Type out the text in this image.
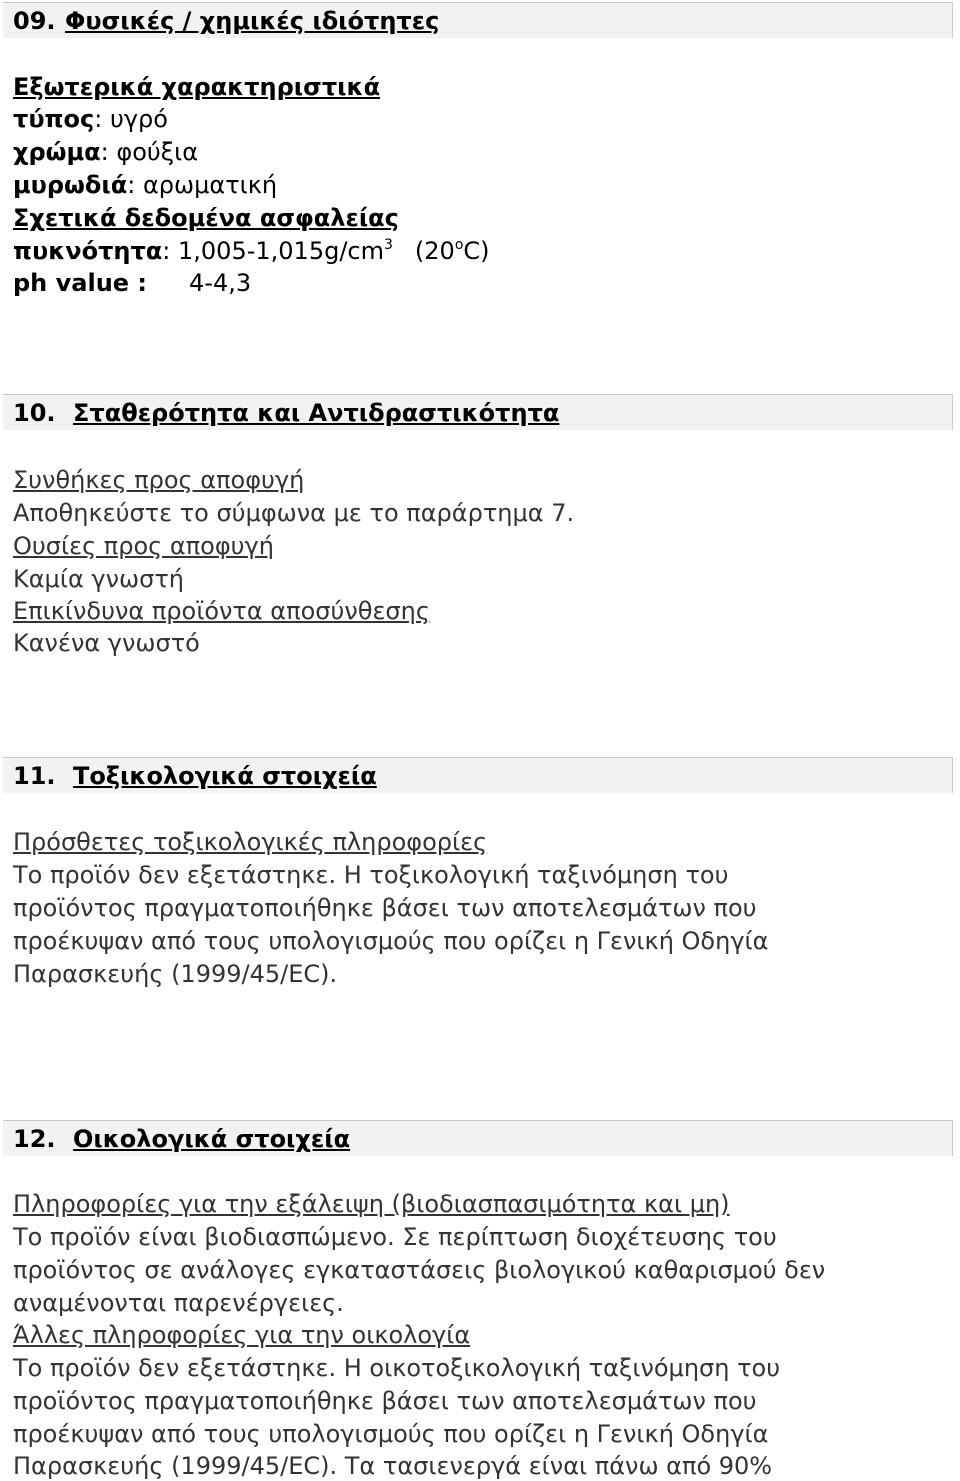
09. Φυσικές / χημικές ιδιότητες
Εξωτερικά χαρακτηριστικά
τύπος: υγρό
χρώμα: φούξια
μυρωδιά: αρωματική
Σχετικά δεδομένα ασφαλείας
πυκνότητα: $1,005-1,015g/cm^3$ (20$^o$C)
ph value : 4-4,3
10. Σταθερότητα και Αντιδραστικότητα
Συνθήκες προς αποφυγή
Αποθηκεύστε το σύμφωνα με το παράρτημα 7.
Ουσίες προς αποφυγή
Καμία γνωστή
Επικίνδυνα προϊόντα αποσύνθεσης
Κανένα γνωστό
11. Τοξικολογικά στοιχεία
Πρόσθετες τοξικολογικές πληροφορίες
Το προϊόν δεν εξετάστηκε. Η τοξικολογική ταξινόμηση του
προϊόντος πραγματοποιήθηκε βάσει των αποτελεσμάτων που
προέκυψαν από τους υπολογισμούς που ορίζει η Γενική Οδηγία
Παρασκευής (1999/45/EC).
12. Οικολογικά στοιχεία
Πληροφορίες για την εξάλειψη (βιοδιασπασιμότητα και μη)
Το προϊόν είναι βιοδιασπώμενο. Σε περίπτωση διοχέτευσης του
προϊόντος σε ανάλογες εγκαταστάσεις βιολογικού καθαρισμού δεν
αναμένονται παρενέργειες.
Άλλες πληροφορίες για την οικολογία
Το προϊόν δεν εξετάστηκε. Η οικοτοξικολογική ταξινόμηση του
προϊόντος πραγματοποιήθηκε βάσει των αποτελεσμάτων που
προέκυψαν από τους υπολογισμούς που ορίζει η Γενική Οδηγία
Παρασκευής (1999/45/EC). Τα τασιενεργά είναι πάνω από 90%
